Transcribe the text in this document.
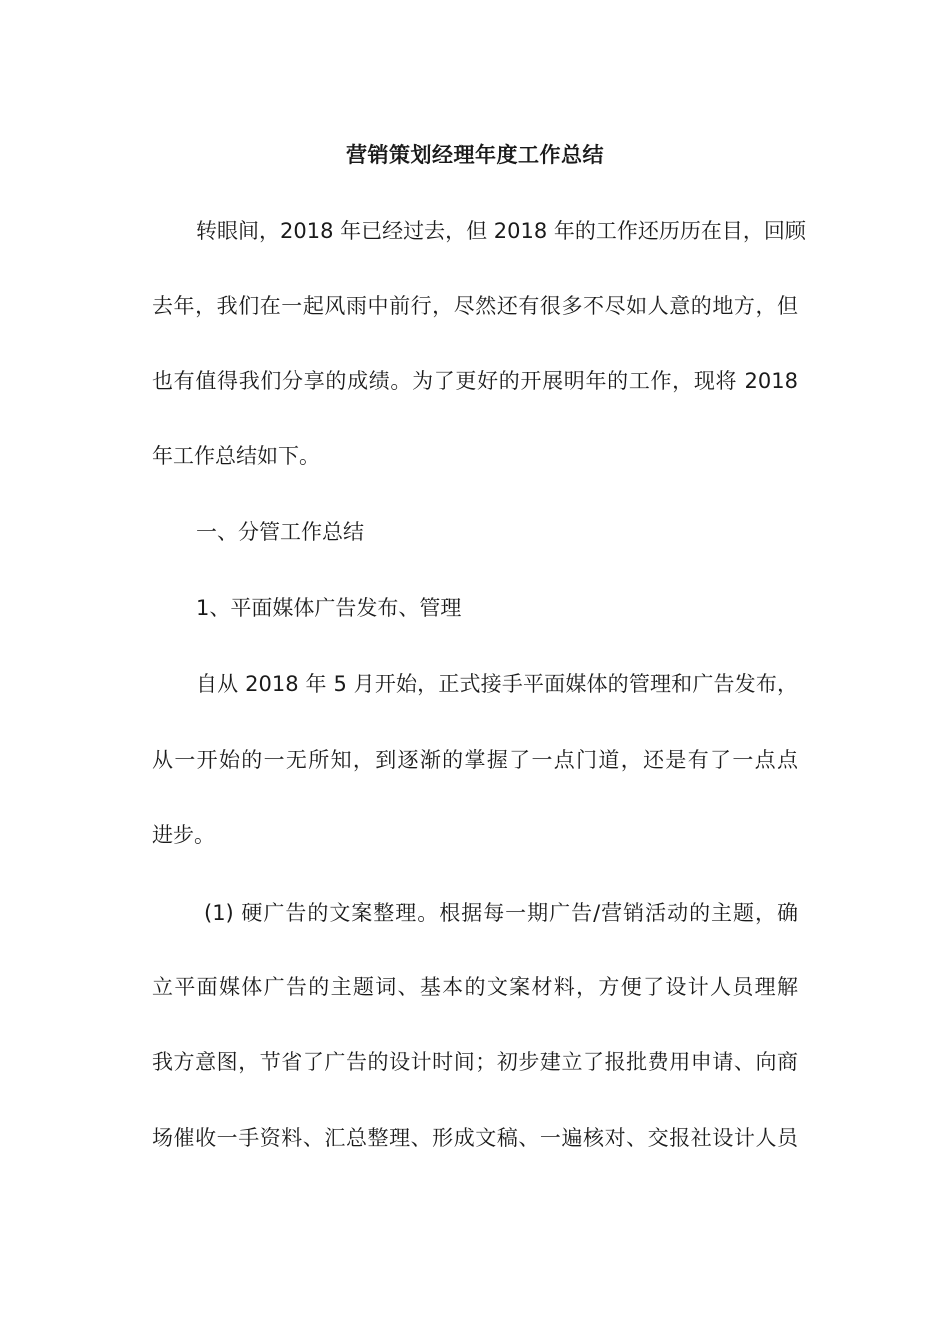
营销策划经理年度工作总结
转眼间，2018 年已经过去，但 2018 年的工作还历历在目，回顾
去年，我们在一起风雨中前行，尽然还有很多不尽如人意的地方，但
也有值得我们分享的成绩。为了更好的开展明年的工作，现将 2018
年工作总结如下。
一、分管工作总结
1、平面媒体广告发布、管理
自从 2018 年 5 月开始，正式接手平面媒体的管理和广告发布，
从一开始的一无所知，到逐渐的掌握了一点门道，还是有了一点点
进步。
(1) 硬广告的文案整理。根据每一期广告/营销活动的主题，确
立平面媒体广告的主题词、基本的文案材料，方便了设计人员理解
我方意图，节省了广告的设计时间；初步建立了报批费用申请、向商
场催收一手资料、汇总整理、形成文稿、一遍核对、交报社设计人员
